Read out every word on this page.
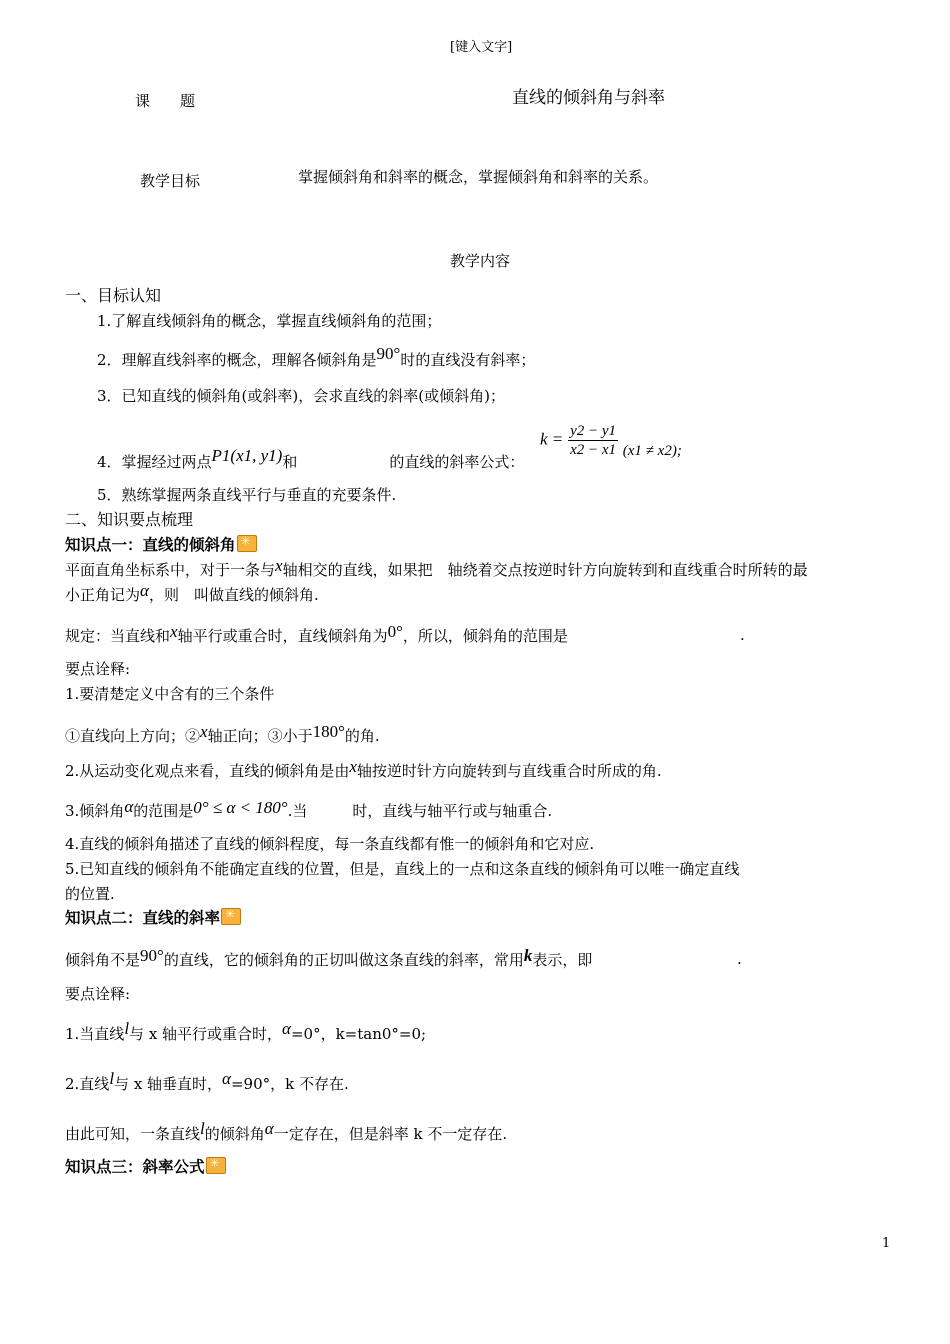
[键入文字]
课　　题	直线的倾斜角与斜率
教学目标	掌握倾斜角和斜率的概念，掌握倾斜角和斜率的关系。
教学内容
一、目标认知
1.了解直线倾斜角的概念，掌握直线倾斜角的范围；
2．理解直线斜率的概念，理解各倾斜角是90°时的直线没有斜率；
3．已知直线的倾斜角(或斜率)，会求直线的斜率(或倾斜角)；
4．掌握经过两点P1(x1, y1)和	的直线的斜率公式：
$k = \frac{y2 - y1}{x2 - x1} (x1 \ne x2)$;
5．熟练掌握两条直线平行与垂直的充要条件.
二、知识要点梳理
知识点一：直线的倾斜角✳
平面直角坐标系中，对于一条与x轴相交的直线，如果把　轴绕着交点按逆时针方向旋转到和直线重合时所转的最
小正角记为α，则　叫做直线的倾斜角.
规定：当直线和x轴平行或重合时，直线倾斜角为0°，所以，倾斜角的范围是	.
要点诠释:
1.要清楚定义中含有的三个条件
①直线向上方向；②x轴正向；③小于180°的角.
2.从运动变化观点来看，直线的倾斜角是由x轴按逆时针方向旋转到与直线重合时所成的角.
3.倾斜角α的范围是0° ≤ α < 180°.当　　　时，直线与轴平行或与轴重合.
4.直线的倾斜角描述了直线的倾斜程度，每一条直线都有惟一的倾斜角和它对应.
5.已知直线的倾斜角不能确定直线的位置，但是，直线上的一点和这条直线的倾斜角可以唯一确定直线
的位置.
知识点二：直线的斜率✳
倾斜角不是90°的直线，它的倾斜角的正切叫做这条直线的斜率，常用k表示，即	.
要点诠释:
1.当直线l与 x 轴平行或重合时，α=0°，k=tan0°=0;
2.直线l与 x 轴垂直时，α=90°，k 不存在.
由此可知，一条直线l的倾斜角α一定存在，但是斜率 k 不一定存在.
知识点三：斜率公式✳
1
